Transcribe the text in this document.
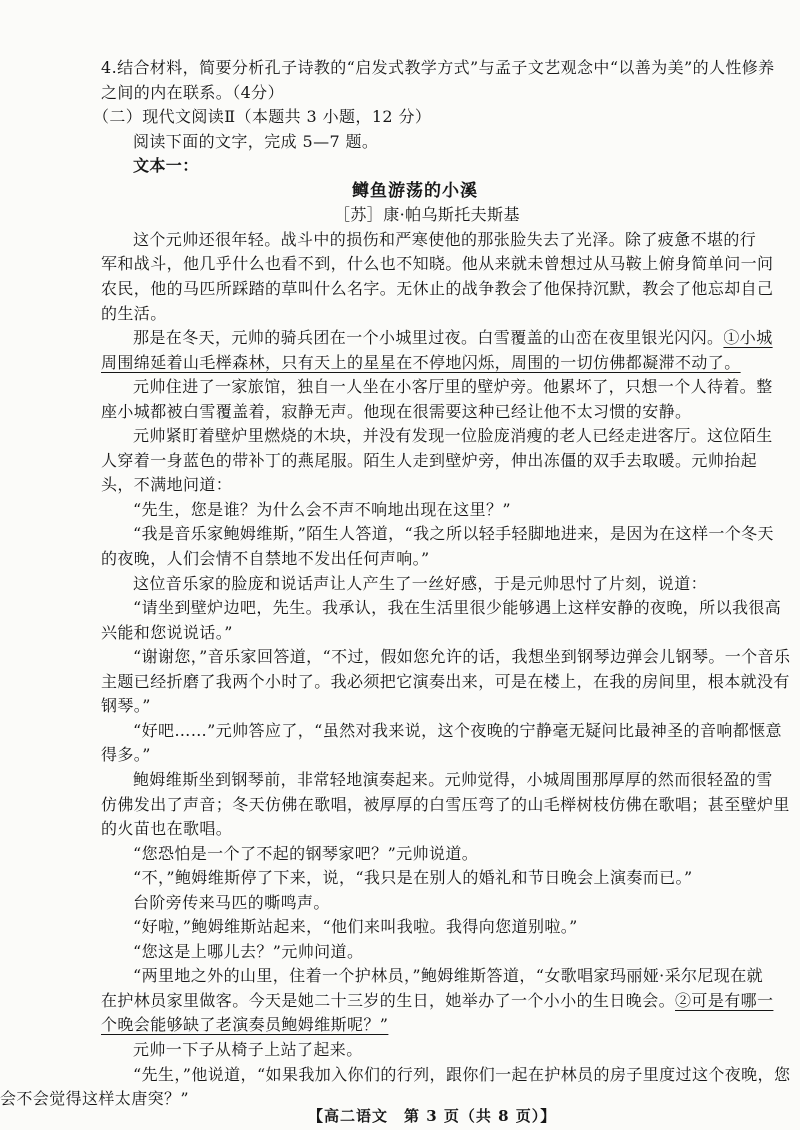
4.结合材料，简要分析孔子诗教的“启发式教学方式”与孟子文艺观念中“以善为美”的人性修养
之间的内在联系。（4分）
（二）现代文阅读Ⅱ（本题共 3 小题，12 分）
阅读下面的文字，完成 5—7 题。
文本一：
鳟鱼游荡的小溪
［苏］康·帕乌斯托夫斯基
这个元帅还很年轻。战斗中的损伤和严寒使他的那张脸失去了光泽。除了疲惫不堪的行
军和战斗，他几乎什么也看不到，什么也不知晓。他从来就未曾想过从马鞍上俯身简单问一问
农民，他的马匹所踩踏的草叫什么名字。无休止的战争教会了他保持沉默，教会了他忘却自己
的生活。
那是在冬天，元帅的骑兵团在一个小城里过夜。白雪覆盖的山峦在夜里银光闪闪。①小城
周围绵延着山毛榉森林，只有天上的星星在不停地闪烁，周围的一切仿佛都凝滞不动了。
元帅住进了一家旅馆，独自一人坐在小客厅里的壁炉旁。他累坏了，只想一个人待着。整
座小城都被白雪覆盖着，寂静无声。他现在很需要这种已经让他不太习惯的安静。
元帅紧盯着壁炉里燃烧的木块，并没有发现一位脸庞消瘦的老人已经走进客厅。这位陌生
人穿着一身蓝色的带补丁的燕尾服。陌生人走到壁炉旁，伸出冻僵的双手去取暖。元帅抬起
头，不满地问道：
“先生，您是谁？为什么会不声不响地出现在这里？”
“我是音乐家鲍姆维斯，”陌生人答道，“我之所以轻手轻脚地进来，是因为在这样一个冬天
的夜晚，人们会情不自禁地不发出任何声响。”
这位音乐家的脸庞和说话声让人产生了一丝好感，于是元帅思忖了片刻，说道：
“请坐到壁炉边吧，先生。我承认，我在生活里很少能够遇上这样安静的夜晚，所以我很高
兴能和您说说话。”
“谢谢您，”音乐家回答道，“不过，假如您允许的话，我想坐到钢琴边弹会儿钢琴。一个音乐
主题已经折磨了我两个小时了。我必须把它演奏出来，可是在楼上，在我的房间里，根本就没有
钢琴。”
“好吧……”元帅答应了，“虽然对我来说，这个夜晚的宁静毫无疑问比最神圣的音响都惬意
得多。”
鲍姆维斯坐到钢琴前，非常轻地演奏起来。元帅觉得，小城周围那厚厚的然而很轻盈的雪
仿佛发出了声音；冬天仿佛在歌唱，被厚厚的白雪压弯了的山毛榉树枝仿佛在歌唱；甚至壁炉里
的火苗也在歌唱。
“您恐怕是一个了不起的钢琴家吧？”元帅说道。
“不，”鲍姆维斯停了下来，说，“我只是在别人的婚礼和节日晚会上演奏而已。”
台阶旁传来马匹的嘶鸣声。
“好啦，”鲍姆维斯站起来，“他们来叫我啦。我得向您道别啦。”
“您这是上哪儿去？”元帅问道。
“两里地之外的山里，住着一个护林员，”鲍姆维斯答道，“女歌唱家玛丽娅·采尔尼现在就
在护林员家里做客。今天是她二十三岁的生日，她举办了一个小小的生日晚会。②可是有哪一
个晚会能够缺了老演奏员鲍姆维斯呢？”
元帅一下子从椅子上站了起来。
“先生，”他说道，“如果我加入你们的行列，跟你们一起在护林员的房子里度过这个夜晚，您
会不会觉得这样太唐突？”
【高二语文　第 3 页（共 8 页）】
